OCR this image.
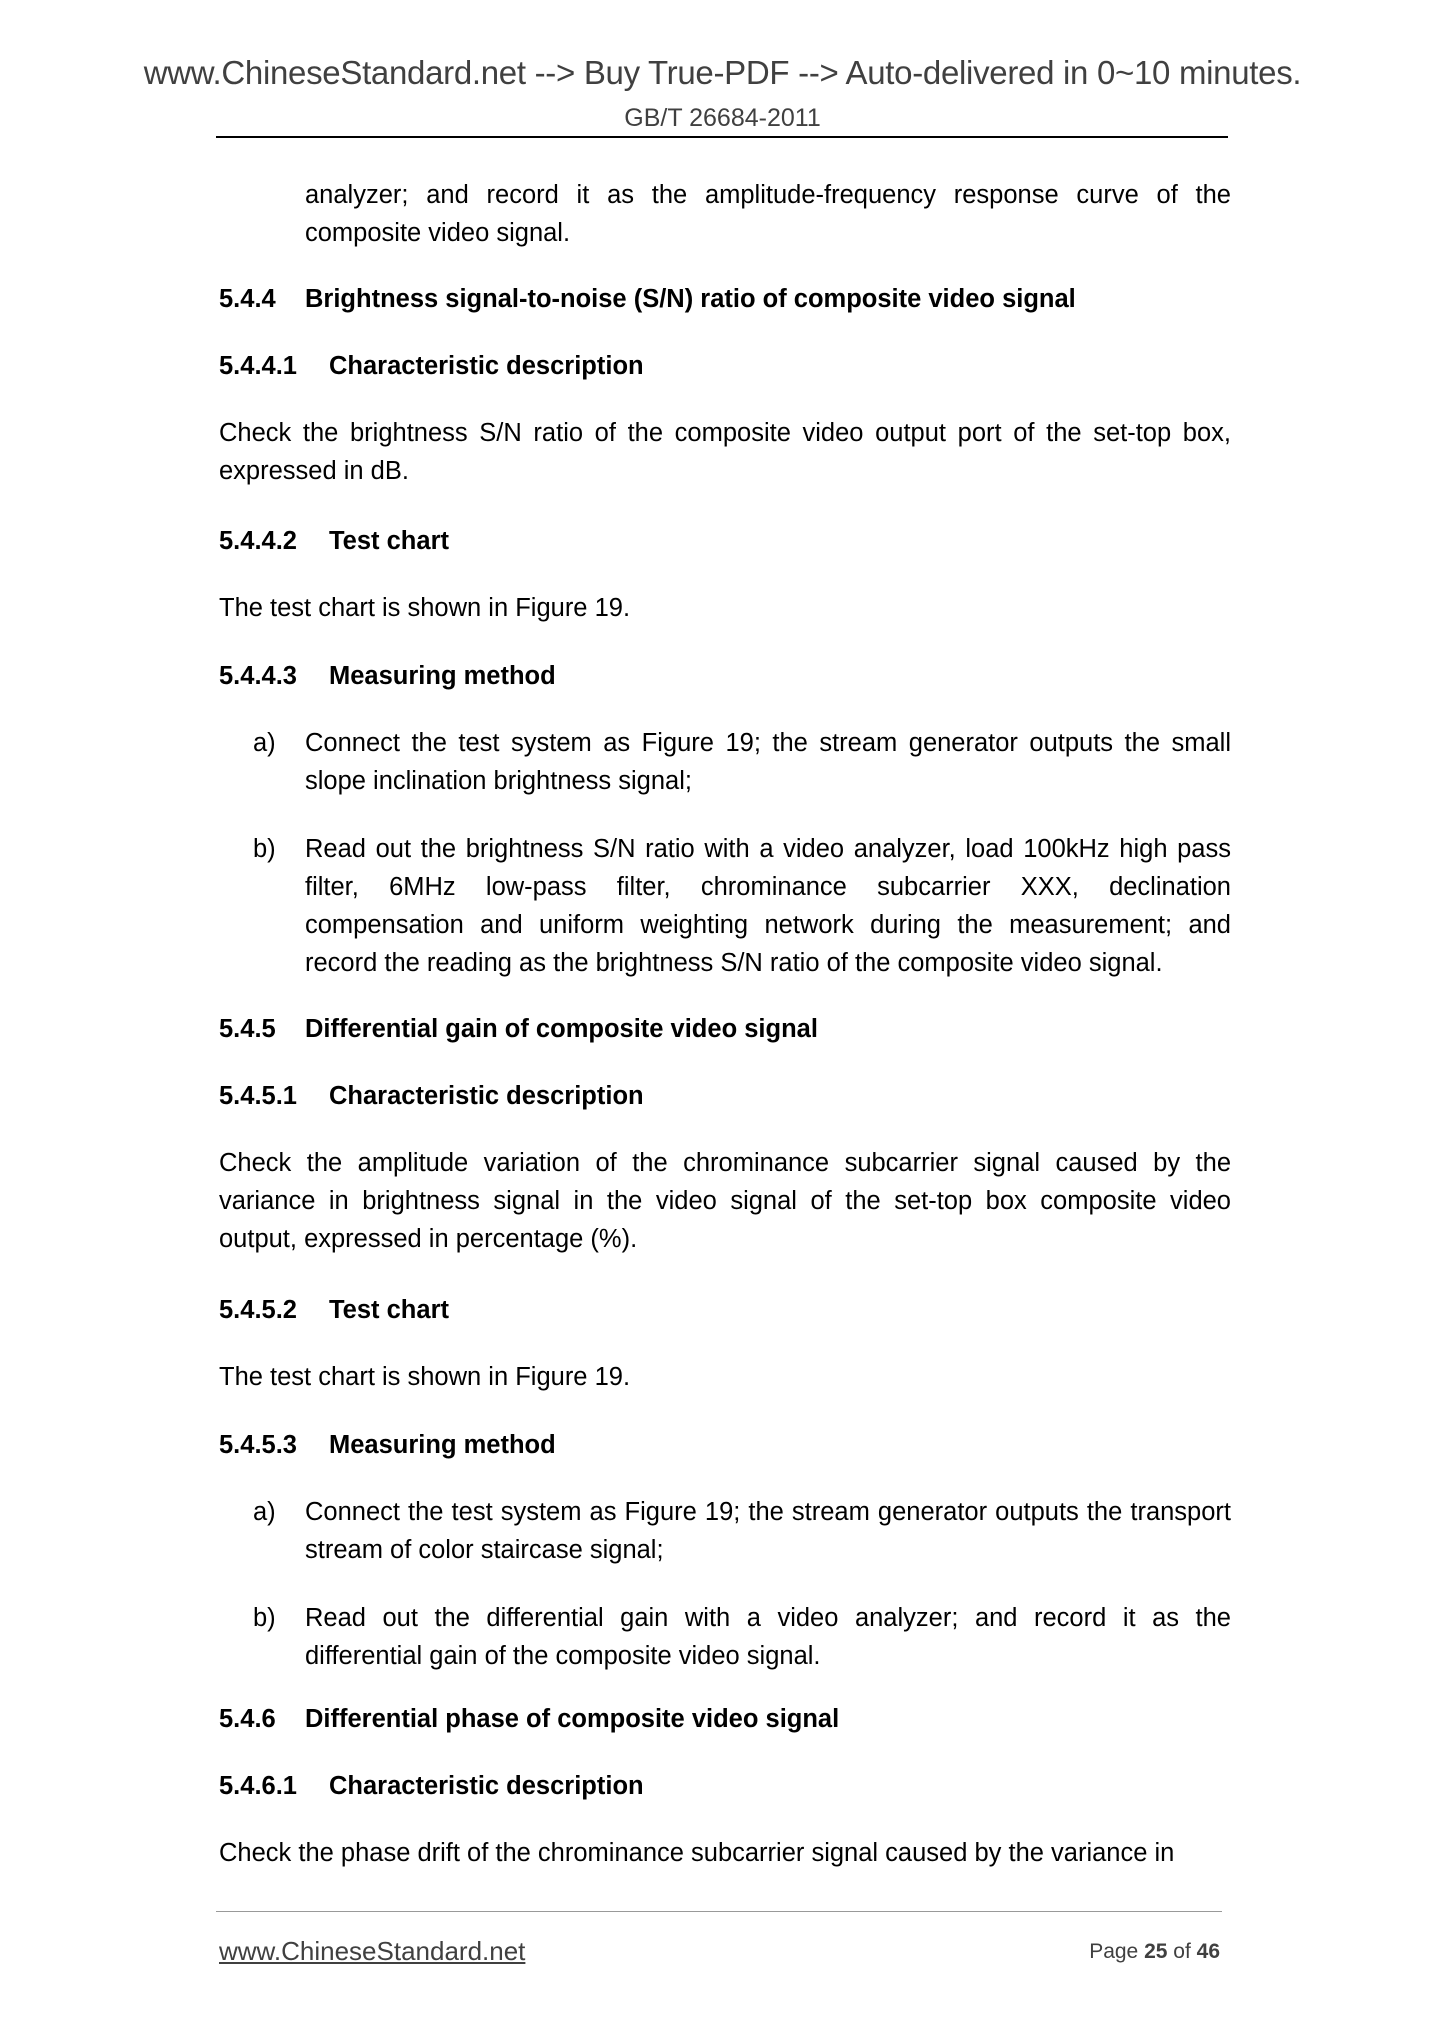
www.ChineseStandard.net --> Buy True-PDF --> Auto-delivered in 0~10 minutes.
GB/T 26684-2011
analyzer; and record it as the amplitude-frequency response curve of the composite video signal.
5.4.4 Brightness signal-to-noise (S/N) ratio of composite video signal
5.4.4.1 Characteristic description
Check the brightness S/N ratio of the composite video output port of the set-top box, expressed in dB.
5.4.4.2 Test chart
The test chart is shown in Figure 19.
5.4.4.3 Measuring method
a) Connect the test system as Figure 19; the stream generator outputs the small slope inclination brightness signal;
b) Read out the brightness S/N ratio with a video analyzer, load 100kHz high pass filter, 6MHz low-pass filter, chrominance subcarrier XXX, declination compensation and uniform weighting network during the measurement; and record the reading as the brightness S/N ratio of the composite video signal.
5.4.5 Differential gain of composite video signal
5.4.5.1 Characteristic description
Check the amplitude variation of the chrominance subcarrier signal caused by the variance in brightness signal in the video signal of the set-top box composite video output, expressed in percentage (%).
5.4.5.2 Test chart
The test chart is shown in Figure 19.
5.4.5.3 Measuring method
a) Connect the test system as Figure 19; the stream generator outputs the transport stream of color staircase signal;
b) Read out the differential gain with a video analyzer; and record it as the differential gain of the composite video signal.
5.4.6 Differential phase of composite video signal
5.4.6.1 Characteristic description
Check the phase drift of the chrominance subcarrier signal caused by the variance in
www.ChineseStandard.net	Page 25 of 46
